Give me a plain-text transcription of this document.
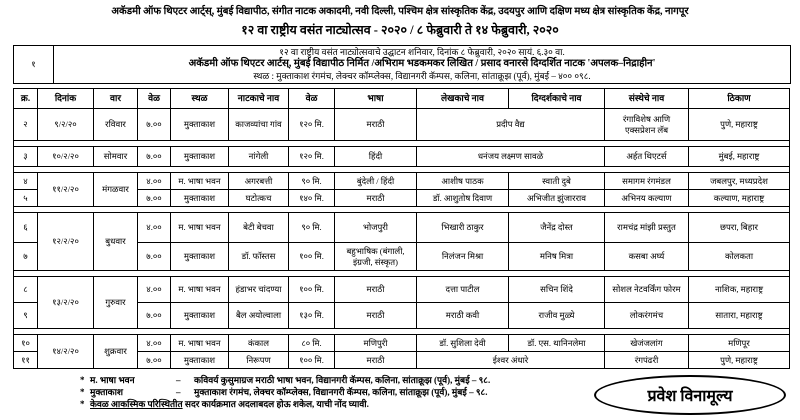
अकॅडमी ऑफ थिएटर आर्ट्स्, मुंबई विद्यापीठ, संगीत नाटक अकादमी, नवी दिल्ली, पश्चिम क्षेत्र सांस्कृतिक केंद्र, उदयपुर आणि दक्षिण मध्य क्षेत्र सांस्कृतिक केंद्र, नागपूर
१२ वा राष्ट्रीय वसंत नाट्योत्सव - २०२० / ८ फेब्रुवारी ते १४ फेब्रुवारी, २०२०
१	
१२ वा राष्ट्रीय वसंत नाट्योत्सवाचे उद्घाटन शनिवार, दिनांक ८ फेब्रुवारी, २०२० सायं. ६.३० वा.
अकॅडमी ऑफ थिएटर आर्टस्, मुंबई विद्यापीठ निर्मित /अभिराम भडकमकर लिखित / प्रसाद वनारसे दिग्दर्शित नाटक 'अपलक–निद्राहीन'
स्थळ : मुक्ताकाश रंगमंच, लेक्चर कॉम्प्लेक्स, विद्यानगरी कॅम्पस, कलिना, सांताक्रूझ (पूर्व), मुंबई – ४०० ०९८.
क्र.	दिनांक	वार	वेळ	स्थळ	नाटकाचे नाव	वेळ	भाषा	लेखकाचे नाव	दिग्दर्शकाचे नाव	संस्थेचे नाव	ठिकाण
२	९/२/२०	रविवार	७.००	मुक्ताकाश	काजव्यांचा गांव	१२० मि.	मराठी	प्रदीप वैद्य		रंगाविशेष आणि एक्सप्रेशन लॅब	पुणे, महाराष्ट्र

३	१०/२/२०	सोमवार	७.००	मुक्ताकाश	नांगेली	१२० मि.	हिंदी	धनंजय लक्ष्मण सावळे		अर्हत थिएटर्स	मुंबई, महाराष्ट्र

४	११/२/२०	मंगळवार	४.००	म. भाषा भवन	अगरबत्ती	९० मि.	बुंदेली / हिंदी	आशीष पाठक	स्वाती दुबे	समागम रंगमंडल	जबलपुर, मध्यप्रदेश
५			७.००	मुक्ताकाश	घटोत्कच	१४० मि.	मराठी	डॉ. आशुतोष दिवाण	अभिजीत झुंजारराव	अभिनय कल्याण	कल्याण, महाराष्ट्र

६	१२/२/२०	बुधवार	४.००	म. भाषा भवन	बेटी बेचवा	९० मि.	भोजपुरी	भिखारी ठाकुर	जैनेंद्र दोस्त	रामचंद्र मांझी प्रस्तुत	छपरा, बिहार
७			७.००	मुक्ताकाश	डॉ. फॉस्तस	१०० मि.	बहुभाषिक (बंगाली, इंग्रजी, संस्कृत)	निलंजन मिश्रा	मनिष मित्रा	कसबा अर्घ्य	कोलकता

८	१३/२/२०	गुरुवार	४.००	म. भाषा भवन	हंडाभर चांदण्या	१०० मि.	मराठी	दत्ता पाटील	सचिन शिंदे	सोशल नेटवर्किंग फोरम	नाशिक, महाराष्ट्र
९			७.००	मुक्ताकाश	बैल अयोल्वाला	१३० मि.	मराठी	मराठी कवी	राजीव मुळ्ये	लोकरंगमंच	सातारा, महाराष्ट्र

१०	१४/२/२०	शुक्रवार	४.००	म. भाषा भवन	कंकाल	८० मि.	मणिपुरी	डॉ. सुशिला देवी	डॉ. एस. थानिनलेमा	खेजंजलांग	मणिपूर
११			७.००	मुक्ताकाश	निरूपण	१०० मि.	मराठी	ईश्वर अंधारे		रंगपंढरी	पुणे, महाराष्ट्र
* म. भाषा भवन	–	कविवर्य कुसुमाग्रज मराठी भाषा भवन, विद्यानगरी कॅम्पस, कलिना, सांताक्रूझ (पूर्व), मुंबई – ९८.
* मुक्ताकाश	–	मुक्ताकाश रंगमंच, लेक्चर कॉम्प्लेक्स, विद्यानगरी कॅम्पस, कलिना, सांताक्रूझ (पूर्व), मुंबई – ९८.
* केवळ आकस्मिक परिस्थितीत सदर कार्यक्रमात अदलाबदल होऊ शकेल, याची नोंद घ्यावी.	प्रवेश विनामूल्य
